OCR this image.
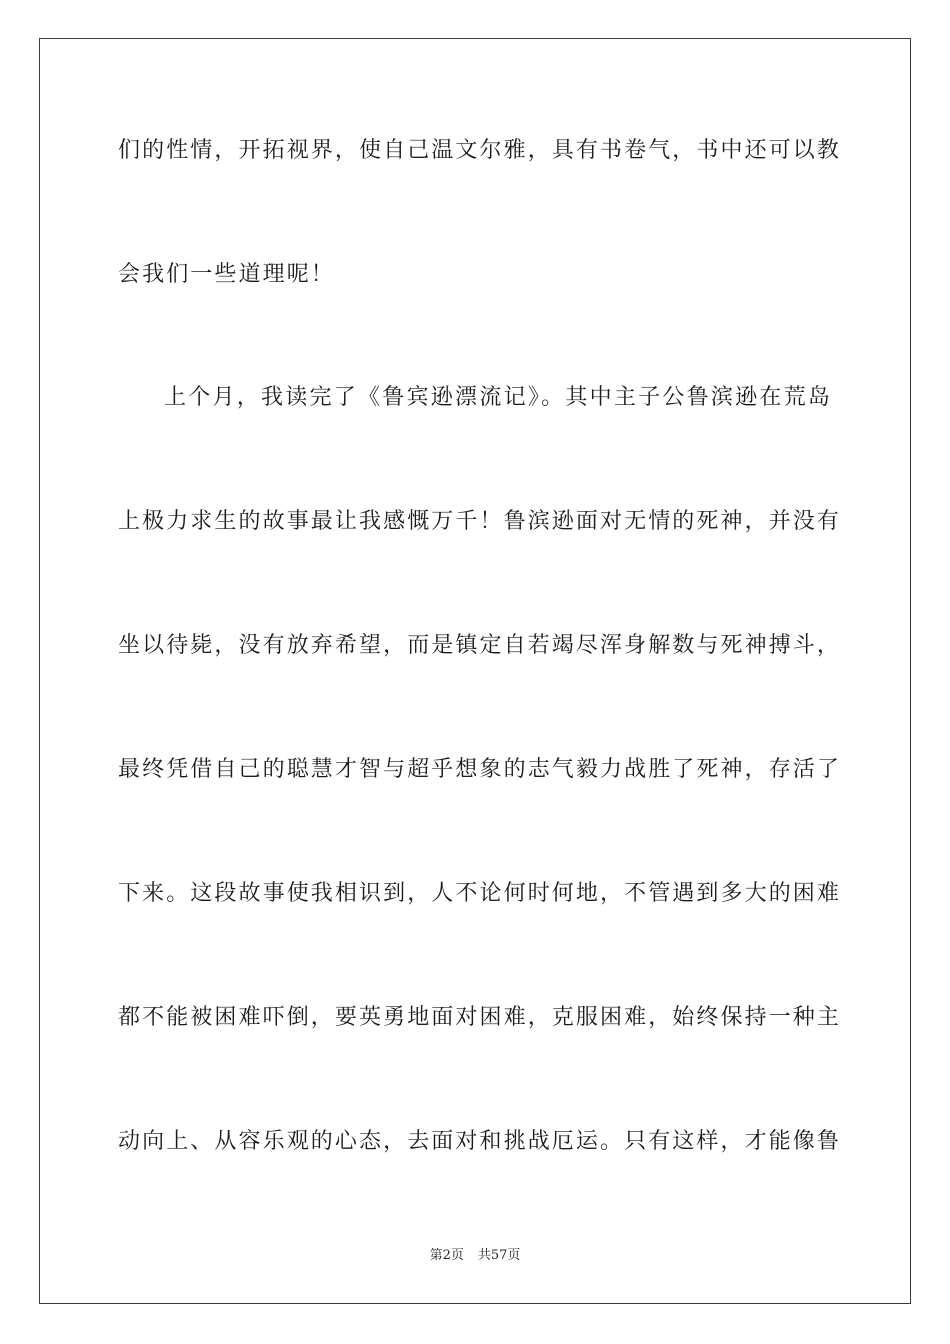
们的性情，开拓视界，使自己温文尔雅，具有书卷气，书中还可以教
会我们一些道理呢！
上个月，我读完了《鲁宾逊漂流记》。其中主子公鲁滨逊在荒岛
上极力求生的故事最让我感慨万千！鲁滨逊面对无情的死神，并没有
坐以待毙，没有放弃希望，而是镇定自若竭尽浑身解数与死神搏斗，
最终凭借自己的聪慧才智与超乎想象的志气毅力战胜了死神，存活了
下来。这段故事使我相识到，人不论何时何地，不管遇到多大的困难
都不能被困难吓倒，要英勇地面对困难，克服困难，始终保持一种主
动向上、从容乐观的心态，去面对和挑战厄运。只有这样，才能像鲁
第2页 共57页
